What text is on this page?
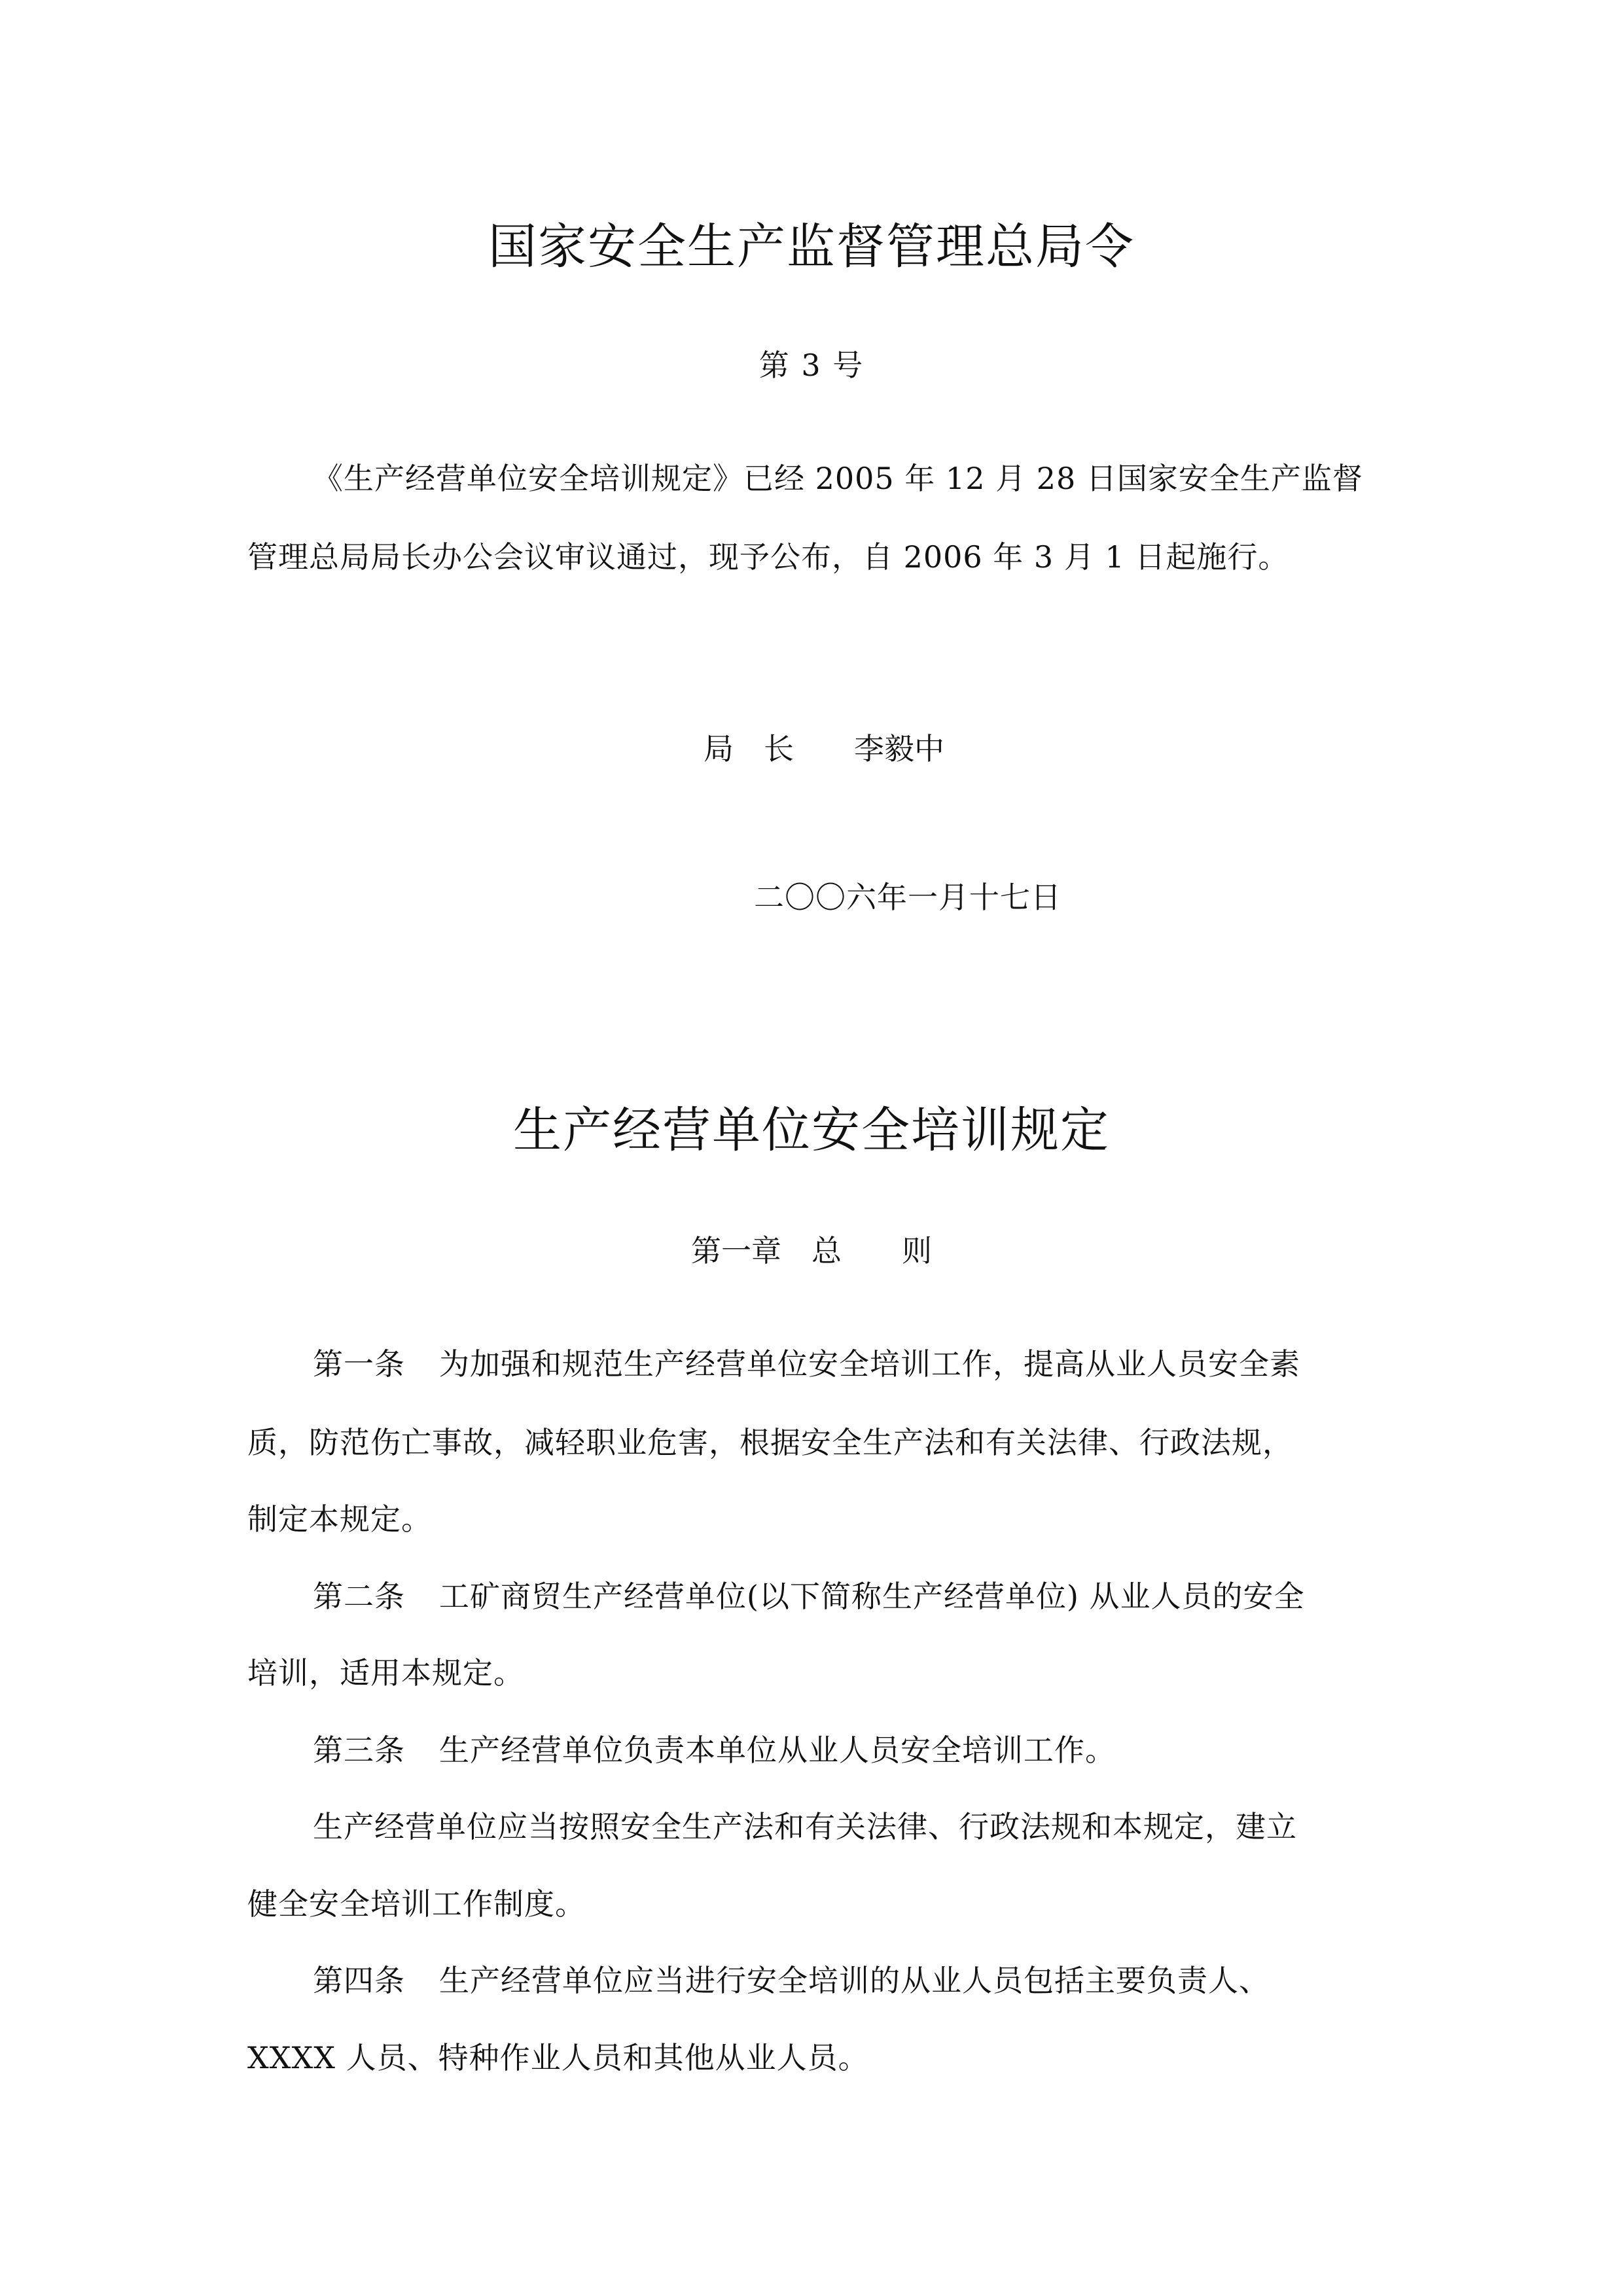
国家安全生产监督管理总局令
第 3 号
《生产经营单位安全培训规定》已经 2005 年 12 月 28 日国家安全生产监督
管理总局局长办公会议审议通过，现予公布，自 2006 年 3 月 1 日起施行。
局　长 李毅中
二〇〇六年一月十七日
生产经营单位安全培训规定
第一章　总　　则
第一条 为加强和规范生产经营单位安全培训工作，提高从业人员安全素
质，防范伤亡事故，减轻职业危害，根据安全生产法和有关法律、行政法规，
制定本规定。
第二条 工矿商贸生产经营单位(以下简称生产经营单位) 从业人员的安全
培训，适用本规定。
第三条 生产经营单位负责本单位从业人员安全培训工作。
生产经营单位应当按照安全生产法和有关法律、行政法规和本规定，建立
健全安全培训工作制度。
第四条 生产经营单位应当进行安全培训的从业人员包括主要负责人、
XXXX 人员、特种作业人员和其他从业人员。
